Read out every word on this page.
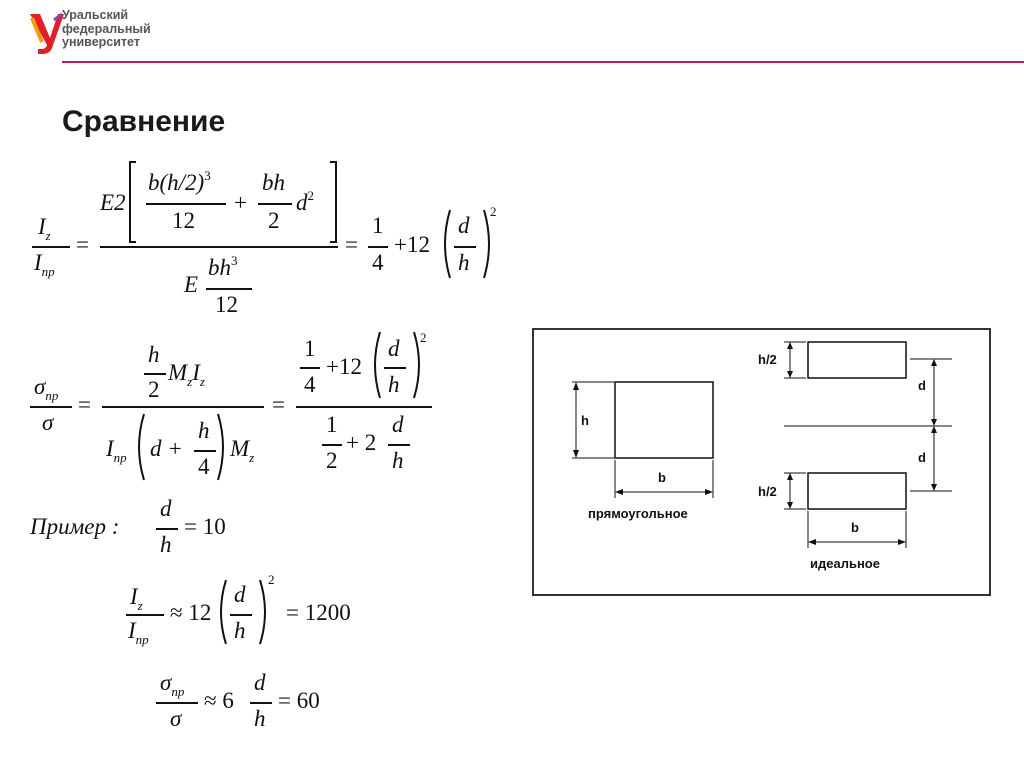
Уральский
федеральный
университет
Сравнение
$I_z$
$I_{пр}$
=
E2
$b(h/2)^3$
12
+
bh
2
$d^2$
E
$bh^3$
12
=
1
4
+12
d
h
2
$\sigma_{пр}$
σ
=
h
2
$M_zI_z$
$I_{пр}$ d +
h
4
$M_z$
=
1
4
+12
d
h
2
1
2
+ 2
d
h
Пример :
d
h
= 10
$I_z$
$I_{пр}$
≈ 12
d
h
2
= 1200
$\sigma_{пр}$
σ
≈ 6
d
h
= 60
h
b
прямоугольное
h/2
d
d
h/2
b
идеальное
